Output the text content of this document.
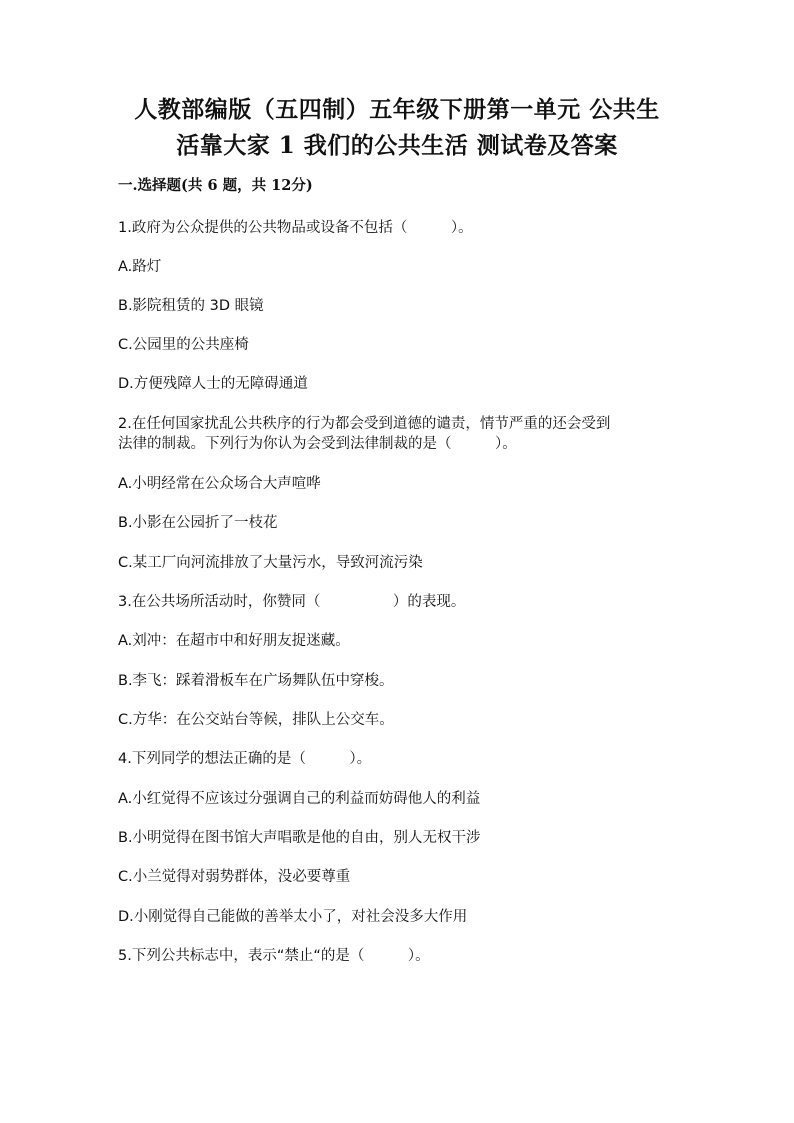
人教部编版（五四制）五年级下册第一单元 公共生
活靠大家 1 我们的公共生活 测试卷及答案
一.选择题(共 6 题，共 12分)

1.政府为公众提供的公共物品或设备不包括（　　　）。

A.路灯

B.影院租赁的 3D 眼镜

C.公园里的公共座椅

D.方便残障人士的无障碍通道

2.在任何国家扰乱公共秩序的行为都会受到道德的谴责，情节严重的还会受到

法律的制裁。下列行为你认为会受到法律制裁的是（　　　）。

A.小明经常在公众场合大声喧哗

B.小影在公园折了一枝花

C.某工厂向河流排放了大量污水，导致河流污染

3.在公共场所活动时，你赞同（　　　　　）的表现。

A.刘冲：在超市中和好朋友捉迷藏。

B.李飞：踩着滑板车在广场舞队伍中穿梭。

C.方华：在公交站台等候，排队上公交车。

4.下列同学的想法正确的是（　　　）。

A.小红觉得不应该过分强调自己的利益而妨碍他人的利益

B.小明觉得在图书馆大声唱歌是他的自由，别人无权干涉

C.小兰觉得对弱势群体，没必要尊重

D.小刚觉得自己能做的善举太小了，对社会没多大作用

5.下列公共标志中，表示“禁止“的是（　　　）。
